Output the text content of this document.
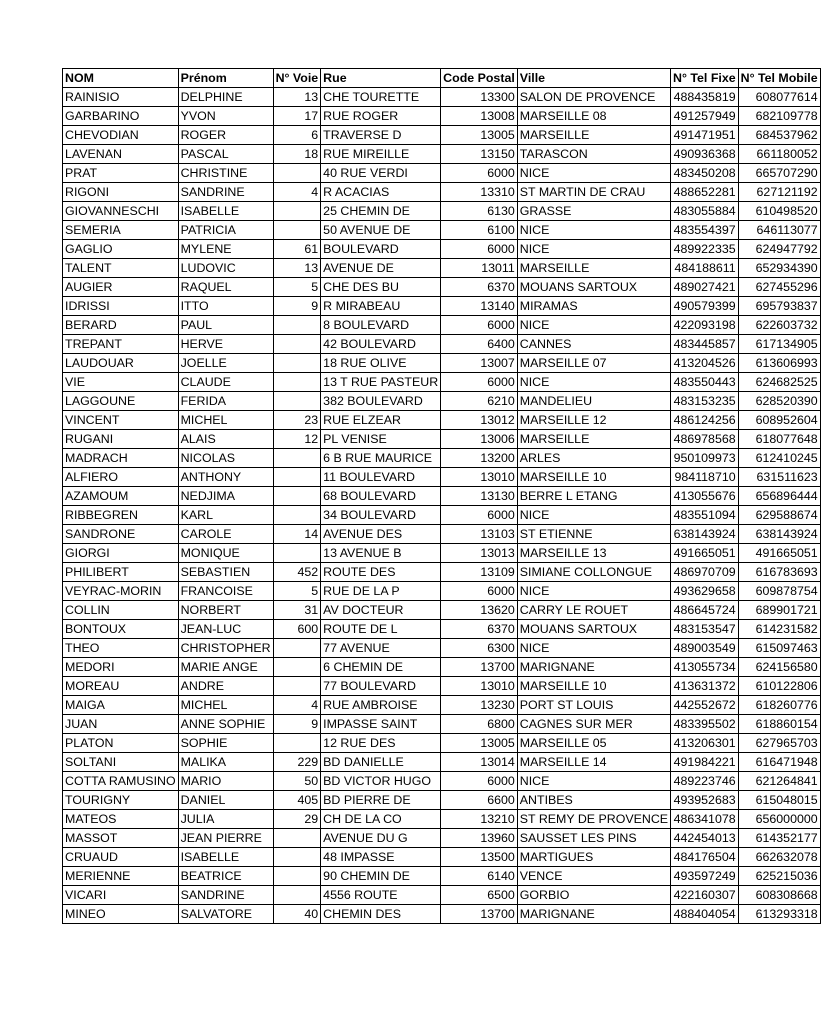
NOM	Prénom	N° Voie	Rue	Code Postal	Ville	N° Tel Fixe	N° Tel Mobile
RAINISIO	DELPHINE	13	CHE TOURETTE	13300	SALON DE PROVENCE	488435819	608077614
GARBARINO	YVON	17	RUE ROGER	13008	MARSEILLE 08	491257949	682109778
CHEVODIAN	ROGER	6	TRAVERSE D	13005	MARSEILLE	491471951	684537962
LAVENAN	PASCAL	18	RUE MIREILLE	13150	TARASCON	490936368	661180052
PRAT	CHRISTINE		40 RUE VERDI	6000	NICE	483450208	665707290
RIGONI	SANDRINE	4	R ACACIAS	13310	ST MARTIN DE CRAU	488652281	627121192
GIOVANNESCHI	ISABELLE		25 CHEMIN DE	6130	GRASSE	483055884	610498520
SEMERIA	PATRICIA		50 AVENUE DE	6100	NICE	483554397	646113077
GAGLIO	MYLENE	61	BOULEVARD	6000	NICE	489922335	624947792
TALENT	LUDOVIC	13	AVENUE DE	13011	MARSEILLE	484188611	652934390
AUGIER	RAQUEL	5	CHE DES BU	6370	MOUANS SARTOUX	489027421	627455296
IDRISSI	ITTO	9	R MIRABEAU	13140	MIRAMAS	490579399	695793837
BERARD	PAUL		8 BOULEVARD	6000	NICE	422093198	622603732
TREPANT	HERVE		42 BOULEVARD	6400	CANNES	483445857	617134905
LAUDOUAR	JOELLE		18 RUE OLIVE	13007	MARSEILLE 07	413204526	613606993
VIE	CLAUDE		13 T RUE PASTEUR	6000	NICE	483550443	624682525
LAGGOUNE	FERIDA		382 BOULEVARD	6210	MANDELIEU	483153235	628520390
VINCENT	MICHEL	23	RUE ELZEAR	13012	MARSEILLE 12	486124256	608952604
RUGANI	ALAIS	12	PL VENISE	13006	MARSEILLE	486978568	618077648
MADRACH	NICOLAS		6 B RUE MAURICE	13200	ARLES	950109973	612410245
ALFIERO	ANTHONY		11 BOULEVARD	13010	MARSEILLE 10	984118710	631511623
AZAMOUM	NEDJIMA		68 BOULEVARD	13130	BERRE L ETANG	413055676	656896444
RIBBEGREN	KARL		34 BOULEVARD	6000	NICE	483551094	629588674
SANDRONE	CAROLE	14	AVENUE DES	13103	ST ETIENNE	638143924	638143924
GIORGI	MONIQUE		13 AVENUE B	13013	MARSEILLE 13	491665051	491665051
PHILIBERT	SEBASTIEN	452	ROUTE DES	13109	SIMIANE COLLONGUE	486970709	616783693
VEYRAC-MORIN	FRANCOISE	5	RUE DE LA P	6000	NICE	493629658	609878754
COLLIN	NORBERT	31	AV DOCTEUR	13620	CARRY LE ROUET	486645724	689901721
BONTOUX	JEAN-LUC	600	ROUTE DE L	6370	MOUANS SARTOUX	483153547	614231582
THEO	CHRISTOPHER		77 AVENUE	6300	NICE	489003549	615097463
MEDORI	MARIE ANGE		6 CHEMIN DE	13700	MARIGNANE	413055734	624156580
MOREAU	ANDRE		77 BOULEVARD	13010	MARSEILLE 10	413631372	610122806
MAIGA	MICHEL	4	RUE AMBROISE	13230	PORT ST LOUIS	442552672	618260776
JUAN	ANNE SOPHIE	9	IMPASSE SAINT	6800	CAGNES SUR MER	483395502	618860154
PLATON	SOPHIE		12 RUE DES	13005	MARSEILLE 05	413206301	627965703
SOLTANI	MALIKA	229	BD DANIELLE	13014	MARSEILLE 14	491984221	616471948
COTTA RAMUSINO	MARIO	50	BD VICTOR HUGO	6000	NICE	489223746	621264841
TOURIGNY	DANIEL	405	BD PIERRE DE	6600	ANTIBES	493952683	615048015
MATEOS	JULIA	29	CH DE LA CO	13210	ST REMY DE PROVENCE	486341078	656000000
MASSOT	JEAN PIERRE		AVENUE DU G	13960	SAUSSET LES PINS	442454013	614352177
CRUAUD	ISABELLE		48 IMPASSE	13500	MARTIGUES	484176504	662632078
MERIENNE	BEATRICE		90 CHEMIN DE	6140	VENCE	493597249	625215036
VICARI	SANDRINE		4556 ROUTE	6500	GORBIO	422160307	608308668
MINEO	SALVATORE	40	CHEMIN DES	13700	MARIGNANE	488404054	613293318
